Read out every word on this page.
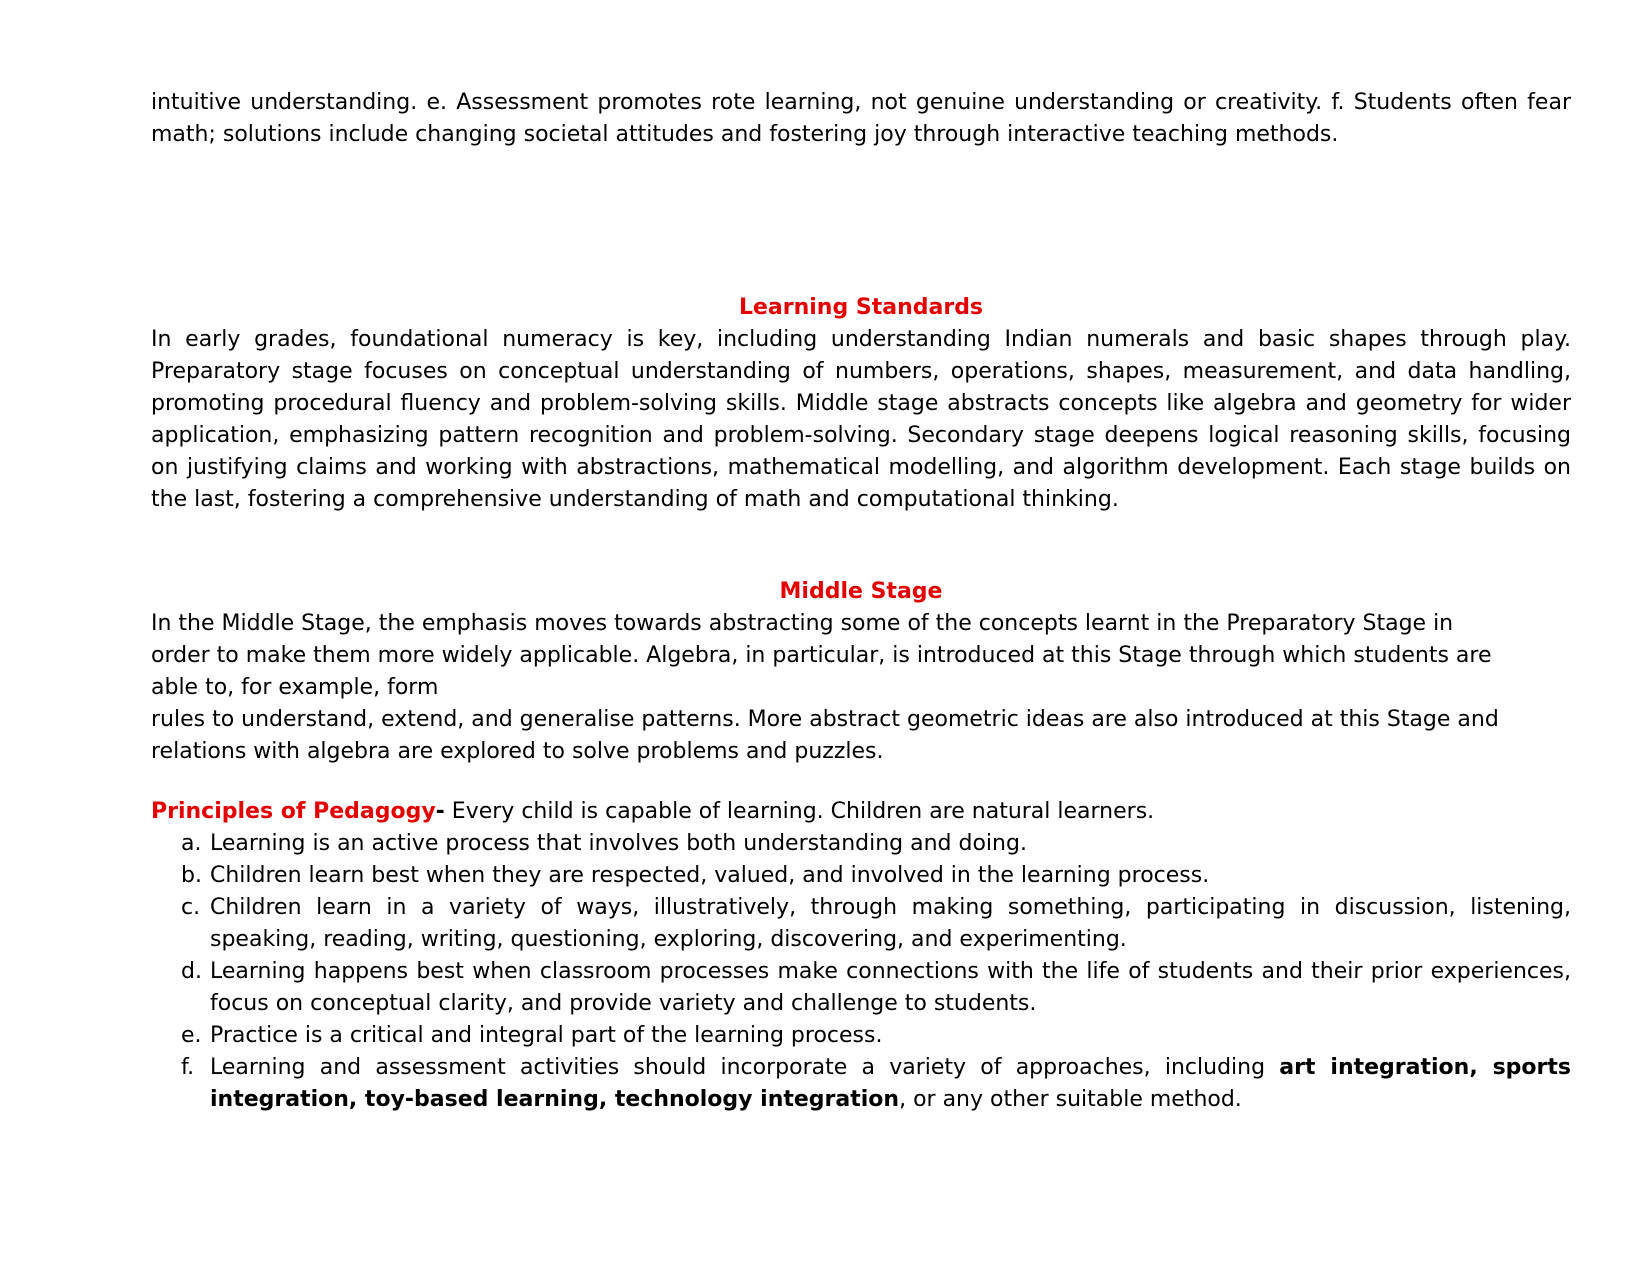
intuitive understanding. e. Assessment promotes rote learning, not genuine understanding or creativity. f. Students often fear math; solutions include changing societal attitudes and fostering joy through interactive teaching methods.

Learning Standards

In early grades, foundational numeracy is key, including understanding Indian numerals and basic shapes through play. Preparatory stage focuses on conceptual understanding of numbers, operations, shapes, measurement, and data handling, promoting procedural fluency and problem-solving skills. Middle stage abstracts concepts like algebra and geometry for wider application, emphasizing pattern recognition and problem-solving. Secondary stage deepens logical reasoning skills, focusing on justifying claims and working with abstractions, mathematical modelling, and algorithm development. Each stage builds on the last, fostering a comprehensive understanding of math and computational thinking.

Middle Stage

In the Middle Stage, the emphasis moves towards abstracting some of the concepts learnt in the Preparatory Stage in
order to make them more widely applicable. Algebra, in particular, is introduced at this Stage through which students are
able to, for example, form
rules to understand, extend, and generalise patterns. More abstract geometric ideas are also introduced at this Stage and
relations with algebra are explored to solve problems and puzzles.

Principles of Pedagogy- Every child is capable of learning. Children are natural learners.

a. Learning is an active process that involves both understanding and doing.
b. Children learn best when they are respected, valued, and involved in the learning process.
c. Children learn in a variety of ways, illustratively, through making something, participating in discussion, listening, speaking, reading, writing, questioning, exploring, discovering, and experimenting.
d. Learning happens best when classroom processes make connections with the life of students and their prior experiences, focus on conceptual clarity, and provide variety and challenge to students.
e. Practice is a critical and integral part of the learning process.
f. Learning and assessment activities should incorporate a variety of approaches, including art integration, sports integration, toy-based learning, technology integration, or any other suitable method.
